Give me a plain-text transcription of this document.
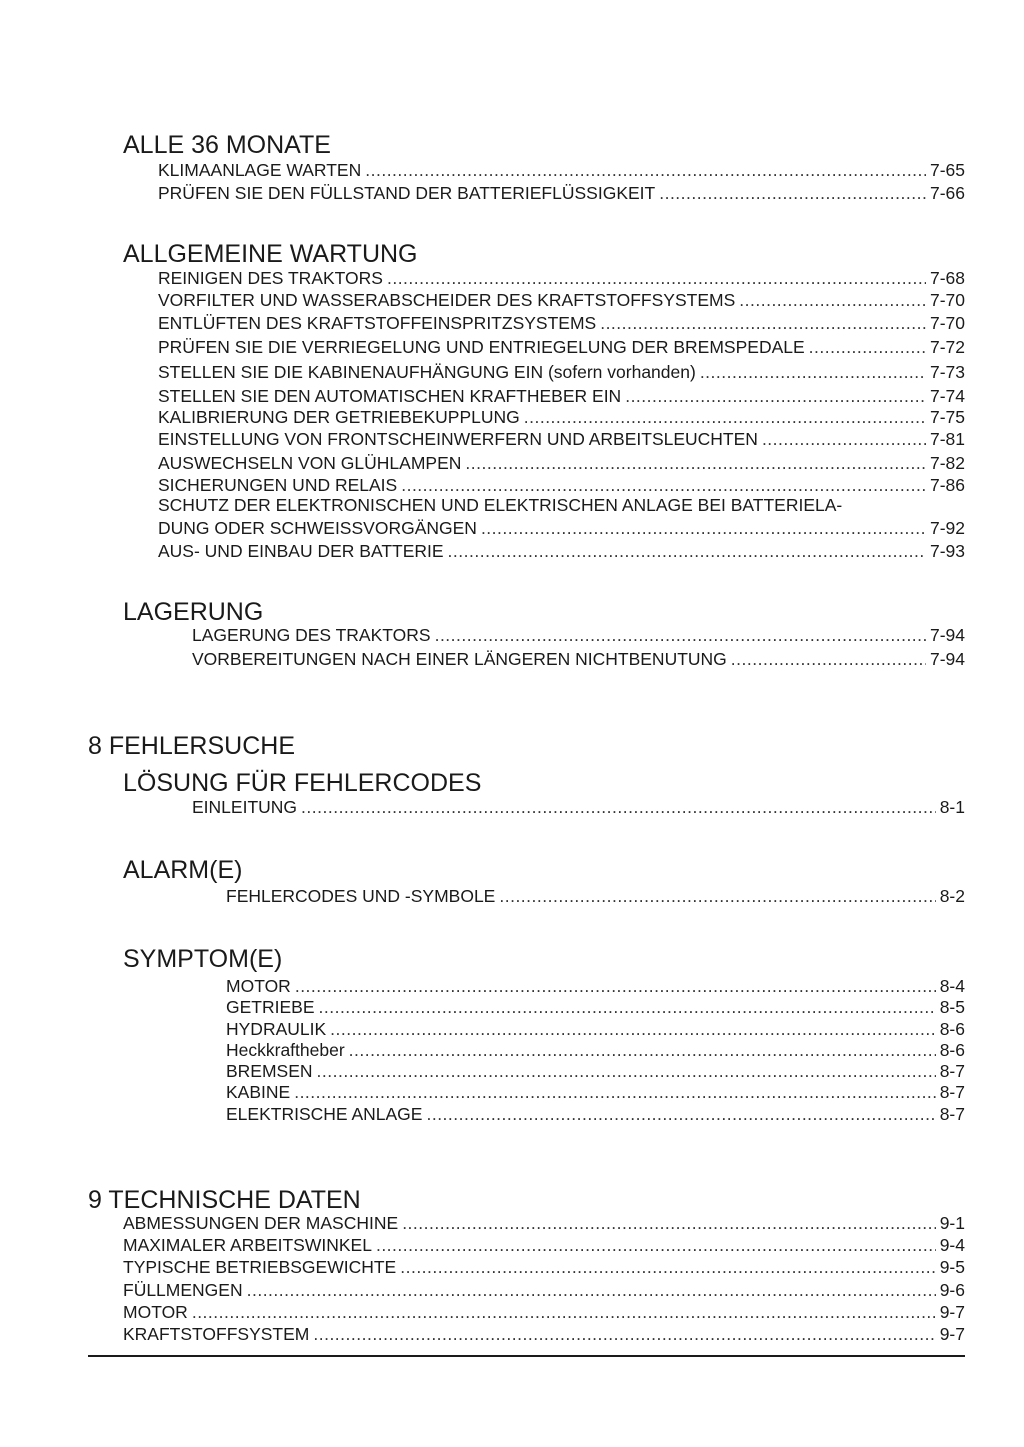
ALLE 36 MONATE
KLIMAANLAGE WARTEN .....	7-65
PRÜFEN SIE DEN FÜLLSTAND DER BATTERIEFLÜSSIGKEIT .....	7-66
ALLGEMEINE WARTUNG
REINIGEN DES TRAKTORS .....	7-68
VORFILTER UND WASSERABSCHEIDER DES KRAFTSTOFFSYSTEMS .....	7-70
ENTLÜFTEN DES KRAFTSTOFFEINSPRITZSYSTEMS .....	7-70
PRÜFEN SIE DIE VERRIEGELUNG UND ENTRIEGELUNG DER BREMSPEDALE .....	7-72
STELLEN SIE DIE KABINENAUFHÄNGUNG EIN (sofern vorhanden) .....	7-73
STELLEN SIE DEN AUTOMATISCHEN KRAFTHEBER EIN .....	7-74
KALIBRIERUNG DER GETRIEBEKUPPLUNG .....	7-75
EINSTELLUNG VON FRONTSCHEINWERFERN UND ARBEITSLEUCHTEN .....	7-81
AUSWECHSELN VON GLÜHLAMPEN .....	7-82
SICHERUNGEN UND RELAIS .....	7-86
SCHUTZ DER ELEKTRONISCHEN UND ELEKTRISCHEN ANLAGE BEI BATTERIELA-
DUNG ODER SCHWEISSVORGÄNGEN .....	7-92
AUS- UND EINBAU DER BATTERIE .....	7-93
LAGERUNG
LAGERUNG DES TRAKTORS .....	7-94
VORBEREITUNGEN NACH EINER LÄNGEREN NICHTBENUTUNG .....	7-94
8 FEHLERSUCHE
LÖSUNG FÜR FEHLERCODES
EINLEITUNG .....	8-1
ALARM(E)
FEHLERCODES UND -SYMBOLE .....	8-2
SYMPTOM(E)
MOTOR .....	8-4
GETRIEBE .....	8-5
HYDRAULIK .....	8-6
Heckkraftheber .....	8-6
BREMSEN .....	8-7
KABINE .....	8-7
ELEKTRISCHE ANLAGE .....	8-7
9 TECHNISCHE DATEN
ABMESSUNGEN DER MASCHINE .....	9-1
MAXIMALER ARBEITSWINKEL .....	9-4
TYPISCHE BETRIEBSGEWICHTE .....	9-5
FÜLLMENGEN .....	9-6
MOTOR .....	9-7
KRAFTSTOFFSYSTEM .....	9-7
